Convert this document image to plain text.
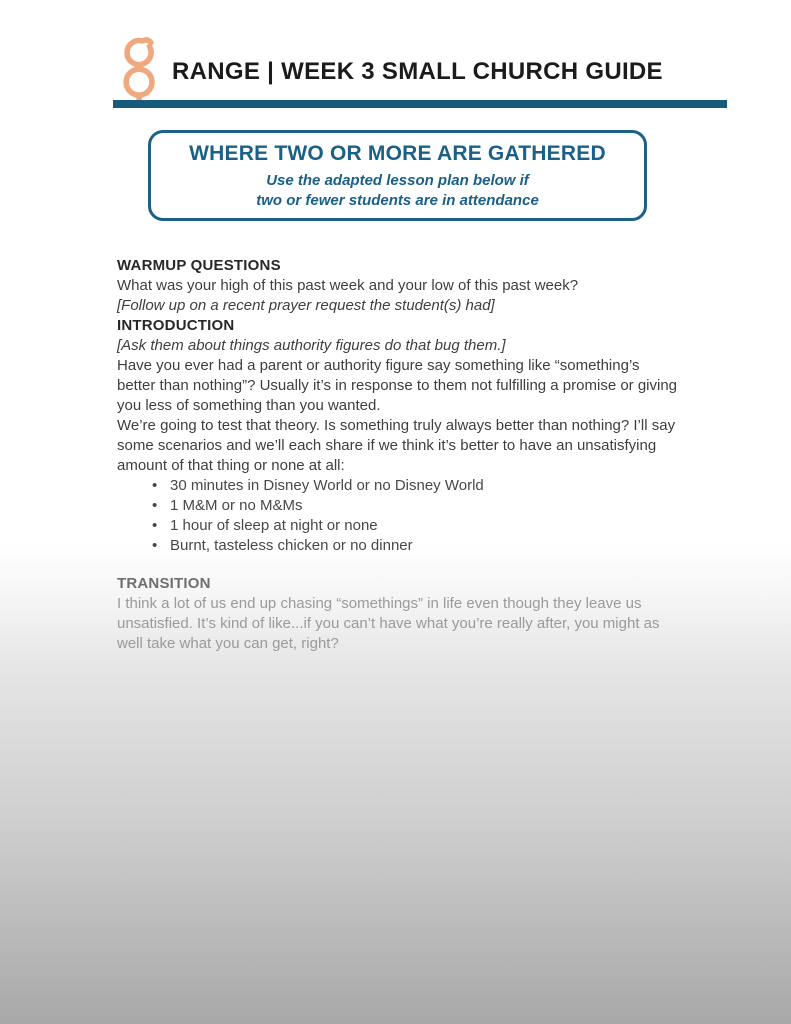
RANGE | WEEK 3 SMALL CHURCH GUIDE
WHERE TWO OR MORE ARE GATHERED
Use the adapted lesson plan below if
two or fewer students are in attendance
WARMUP QUESTIONS

What was your high of this past week and your low of this past week?

[Follow up on a recent prayer request the student(s) had]

INTRODUCTION

[Ask them about things authority figures do that bug them.]

Have you ever had a parent or authority figure say something like “something’s better than nothing”? Usually it’s in response to them not fulfilling a promise or giving you less of something than you wanted.

We’re going to test that theory. Is something truly always better than nothing? I’ll say some scenarios and we’ll each share if we think it’s better to have an unsatisfying amount of that thing or none at all:

• 30 minutes in Disney World or no Disney World
• 1 M&M or no M&Ms
• 1 hour of sleep at night or none
• Burnt, tasteless chicken or no dinner
TRANSITION

I think a lot of us end up chasing “somethings” in life even though they leave us unsatisfied. It’s kind of like...if you can’t have what you’re really after, you might as well take what you can get, right?
